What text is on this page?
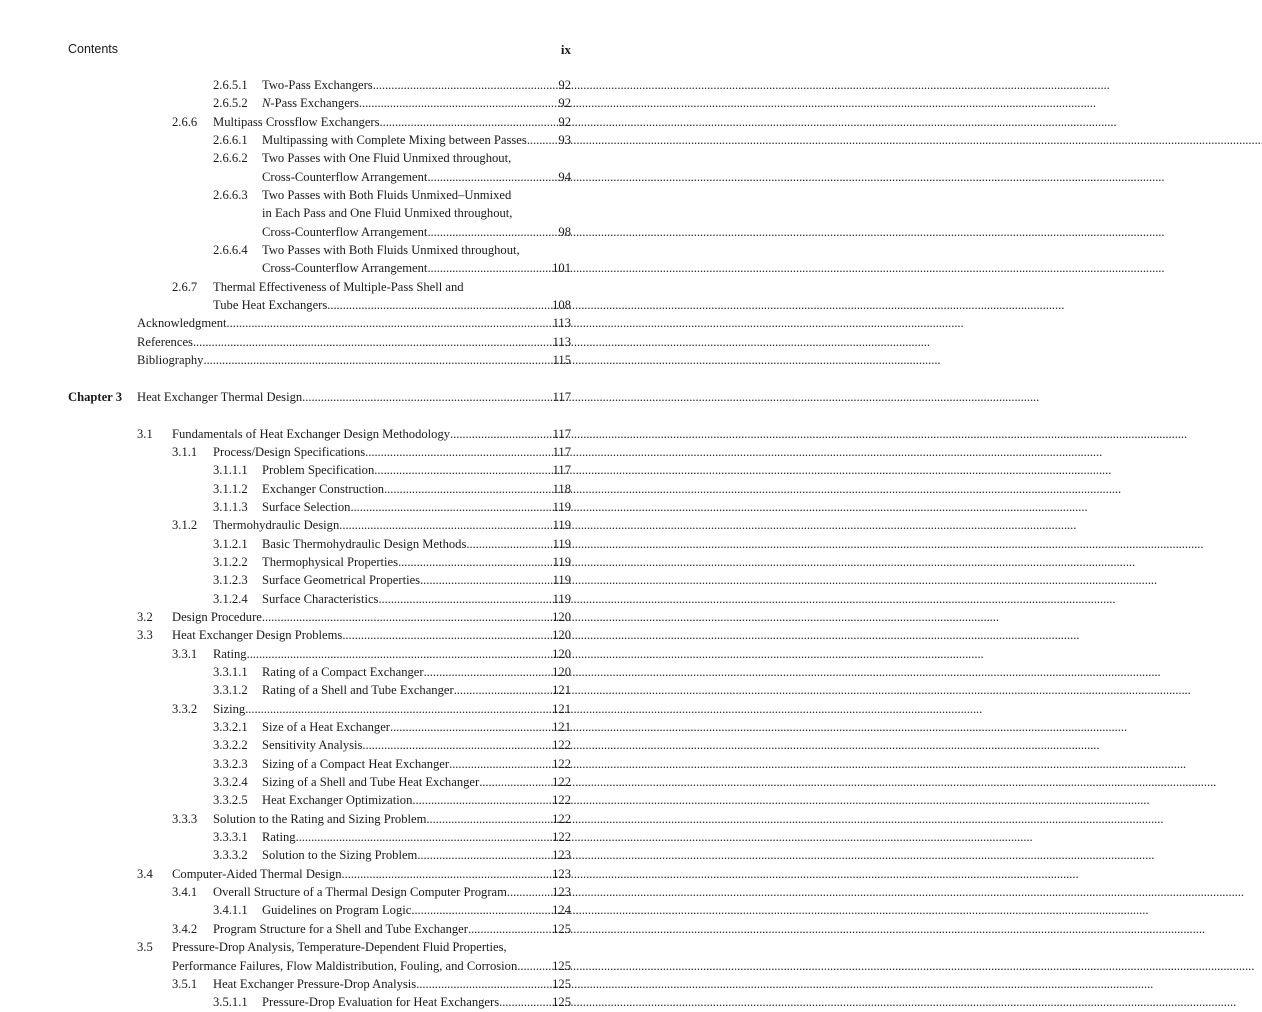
Contents	ix
2.6.5.1 Two-Pass Exchangers . . .	92
2.6.5.2 N-Pass Exchangers . . .	92
2.6.6 Multipass Crossflow Exchangers . . .	92
2.6.6.1 Multipassing with Complete Mixing between Passes . . .	93
2.6.6.2 Two Passes with One Fluid Unmixed throughout,
Cross-Counterflow Arrangement . . .	94
2.6.6.3 Two Passes with Both Fluids Unmixed–Unmixed
in Each Pass and One Fluid Unmixed throughout,
Cross-Counterflow Arrangement . . .	98
2.6.6.4 Two Passes with Both Fluids Unmixed throughout,
Cross-Counterflow Arrangement . . .	101
2.6.7 Thermal Effectiveness of Multiple-Pass Shell and
Tube Heat Exchangers . . .	108
Acknowledgment . . .	113
References . . .	113
Bibliography . . .	115
Chapter 3 Heat Exchanger Thermal Design . . .	117
3.1 Fundamentals of Heat Exchanger Design Methodology . . .	117
3.1.1 Process/Design Specifications . . .	117
3.1.1.1 Problem Specification . . .	117
3.1.1.2 Exchanger Construction . . .	118
3.1.1.3 Surface Selection . . .	119
3.1.2 Thermohydraulic Design . . .	119
3.1.2.1 Basic Thermohydraulic Design Methods . . .	119
3.1.2.2 Thermophysical Properties . . .	119
3.1.2.3 Surface Geometrical Properties . . .	119
3.1.2.4 Surface Characteristics . . .	119
3.2 Design Procedure . . .	120
3.3 Heat Exchanger Design Problems . . .	120
3.3.1 Rating . . .	120
3.3.1.1 Rating of a Compact Exchanger . . .	120
3.3.1.2 Rating of a Shell and Tube Exchanger . . .	121
3.3.2 Sizing . . .	121
3.3.2.1 Size of a Heat Exchanger . . .	121
3.3.2.2 Sensitivity Analysis . . .	122
3.3.2.3 Sizing of a Compact Heat Exchanger . . .	122
3.3.2.4 Sizing of a Shell and Tube Heat Exchanger . . .	122
3.3.2.5 Heat Exchanger Optimization . . .	122
3.3.3 Solution to the Rating and Sizing Problem . . .	122
3.3.3.1 Rating . . .	122
3.3.3.2 Solution to the Sizing Problem . . .	123
3.4 Computer-Aided Thermal Design . . .	123
3.4.1 Overall Structure of a Thermal Design Computer Program . . .	123
3.4.1.1 Guidelines on Program Logic . . .	124
3.4.2 Program Structure for a Shell and Tube Exchanger . . .	125
3.5 Pressure-Drop Analysis, Temperature-Dependent Fluid Properties,
Performance Failures, Flow Maldistribution, Fouling, and Corrosion . . .	125
3.5.1 Heat Exchanger Pressure-Drop Analysis . . .	125
3.5.1.1 Pressure-Drop Evaluation for Heat Exchangers . . .	125
